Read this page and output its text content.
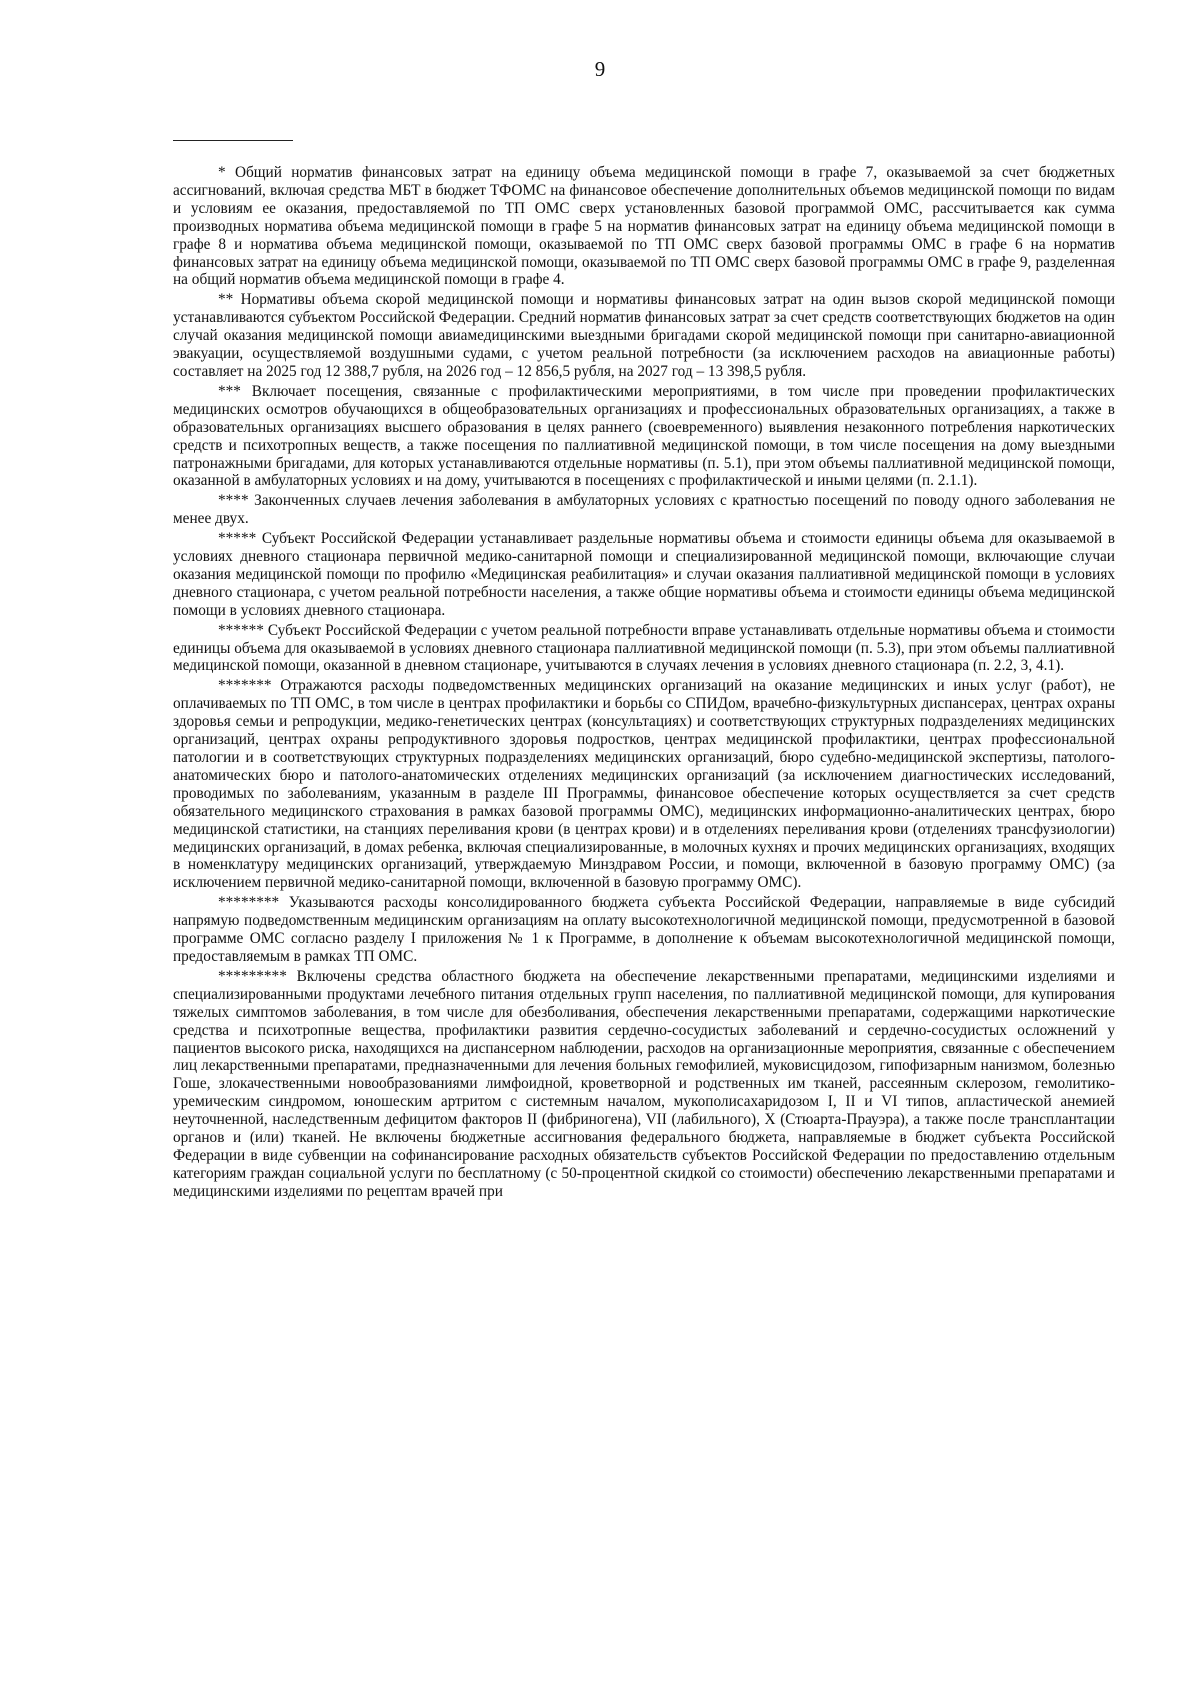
9

* Общий норматив финансовых затрат на единицу объема медицинской помощи в графе 7, оказываемой за счет бюджетных ассигнований, включая средства МБТ в бюджет ТФОМС на финансовое обеспечение дополнительных объемов медицинской помощи по видам и условиям ее оказания, предоставляемой по ТП ОМС сверх установленных базовой программой ОМС, рассчитывается как сумма производных норматива объема медицинской помощи в графе 5 на норматив финансовых затрат на единицу объема медицинской помощи в графе 8 и норматива объема медицинской помощи, оказываемой по ТП ОМС сверх базовой программы ОМС в графе 6 на норматив финансовых затрат на единицу объема медицинской помощи, оказываемой по ТП ОМС сверх базовой программы ОМС в графе 9, разделенная на общий норматив объема медицинской помощи в графе 4.

** Нормативы объема скорой медицинской помощи и нормативы финансовых затрат на один вызов скорой медицинской помощи устанавливаются субъектом Российской Федерации. Средний норматив финансовых затрат за счет средств соответствующих бюджетов на один случай оказания медицинской помощи авиамедицинскими выездными бригадами скорой медицинской помощи при санитарно-авиационной эвакуации, осуществляемой воздушными судами, с учетом реальной потребности (за исключением расходов на авиационные работы) составляет на 2025 год 12 388,7 рубля, на 2026 год – 12 856,5 рубля, на 2027 год – 13 398,5 рубля.

*** Включает посещения, связанные с профилактическими мероприятиями, в том числе при проведении профилактических медицинских осмотров обучающихся в общеобразовательных организациях и профессиональных образовательных организациях, а также в образовательных организациях высшего образования в целях раннего (своевременного) выявления незаконного потребления наркотических средств и психотропных веществ, а также посещения по паллиативной медицинской помощи, в том числе посещения на дому выездными патронажными бригадами, для которых устанавливаются отдельные нормативы (п. 5.1), при этом объемы паллиативной медицинской помощи, оказанной в амбулаторных условиях и на дому, учитываются в посещениях с профилактической и иными целями (п. 2.1.1).

**** Законченных случаев лечения заболевания в амбулаторных условиях с кратностью посещений по поводу одного заболевания не менее двух.

***** Субъект Российской Федерации устанавливает раздельные нормативы объема и стоимости единицы объема для оказываемой в условиях дневного стационара первичной медико-санитарной помощи и специализированной медицинской помощи, включающие случаи оказания медицинской помощи по профилю «Медицинская реабилитация» и случаи оказания паллиативной медицинской помощи в условиях дневного стационара, с учетом реальной потребности населения, а также общие нормативы объема и стоимости единицы объема медицинской помощи в условиях дневного стационара.

****** Субъект Российской Федерации с учетом реальной потребности вправе устанавливать отдельные нормативы объема и стоимости единицы объема для оказываемой в условиях дневного стационара паллиативной медицинской помощи (п. 5.3), при этом объемы паллиативной медицинской помощи, оказанной в дневном стационаре, учитываются в случаях лечения в условиях дневного стационара (п. 2.2, 3, 4.1).

******* Отражаются расходы подведомственных медицинских организаций на оказание медицинских и иных услуг (работ), не оплачиваемых по ТП ОМС, в том числе в центрах профилактики и борьбы со СПИДом, врачебно-физкультурных диспансерах, центрах охраны здоровья семьи и репродукции, медико-генетических центрах (консультациях) и соответствующих структурных подразделениях медицинских организаций, центрах охраны репродуктивного здоровья подростков, центрах медицинской профилактики, центрах профессиональной патологии и в соответствующих структурных подразделениях медицинских организаций, бюро судебно-медицинской экспертизы, патолого-анатомических бюро и патолого-анатомических отделениях медицинских организаций (за исключением диагностических исследований, проводимых по заболеваниям, указанным в разделе III Программы, финансовое обеспечение которых осуществляется за счет средств обязательного медицинского страхования в рамках базовой программы ОМС), медицинских информационно-аналитических центрах, бюро медицинской статистики, на станциях переливания крови (в центрах крови) и в отделениях переливания крови (отделениях трансфузиологии) медицинских организаций, в домах ребенка, включая специализированные, в молочных кухнях и прочих медицинских организациях, входящих в номенклатуру медицинских организаций, утверждаемую Минздравом России, и помощи, включенной в базовую программу ОМС) (за исключением первичной медико-санитарной помощи, включенной в базовую программу ОМС).

******** Указываются расходы консолидированного бюджета субъекта Российской Федерации, направляемые в виде субсидий напрямую подведомственным медицинским организациям на оплату высокотехнологичной медицинской помощи, предусмотренной в базовой программе ОМС согласно разделу I приложения № 1 к Программе, в дополнение к объемам высокотехнологичной медицинской помощи, предоставляемым в рамках ТП ОМС.

********* Включены средства областного бюджета на обеспечение лекарственными препаратами, медицинскими изделиями и специализированными продуктами лечебного питания отдельных групп населения, по паллиативной медицинской помощи, для купирования тяжелых симптомов заболевания, в том числе для обезболивания, обеспечения лекарственными препаратами, содержащими наркотические средства и психотропные вещества, профилактики развития сердечно-сосудистых заболеваний и сердечно-сосудистых осложнений у пациентов высокого риска, находящихся на диспансерном наблюдении, расходов на организационные мероприятия, связанные с обеспечением лиц лекарственными препаратами, предназначенными для лечения больных гемофилией, муковисцидозом, гипофизарным нанизмом, болезнью Гоше, злокачественными новообразованиями лимфоидной, кроветворной и родственных им тканей, рассеянным склерозом, гемолитико-уремическим синдромом, юношеским артритом с системным началом, мукополисахаридозом I, II и VI типов, апластической анемией неуточненной, наследственным дефицитом факторов II (фибриногена), VII (лабильного), X (Стюарта-Прауэра), а также после трансплантации органов и (или) тканей. Не включены бюджетные ассигнования федерального бюджета, направляемые в бюджет субъекта Российской Федерации в виде субвенции на софинансирование расходных обязательств субъектов Российской Федерации по предоставлению отдельным категориям граждан социальной услуги по бесплатному (с 50-процентной скидкой со стоимости) обеспечению лекарственными препаратами и медицинскими изделиями по рецептам врачей при
